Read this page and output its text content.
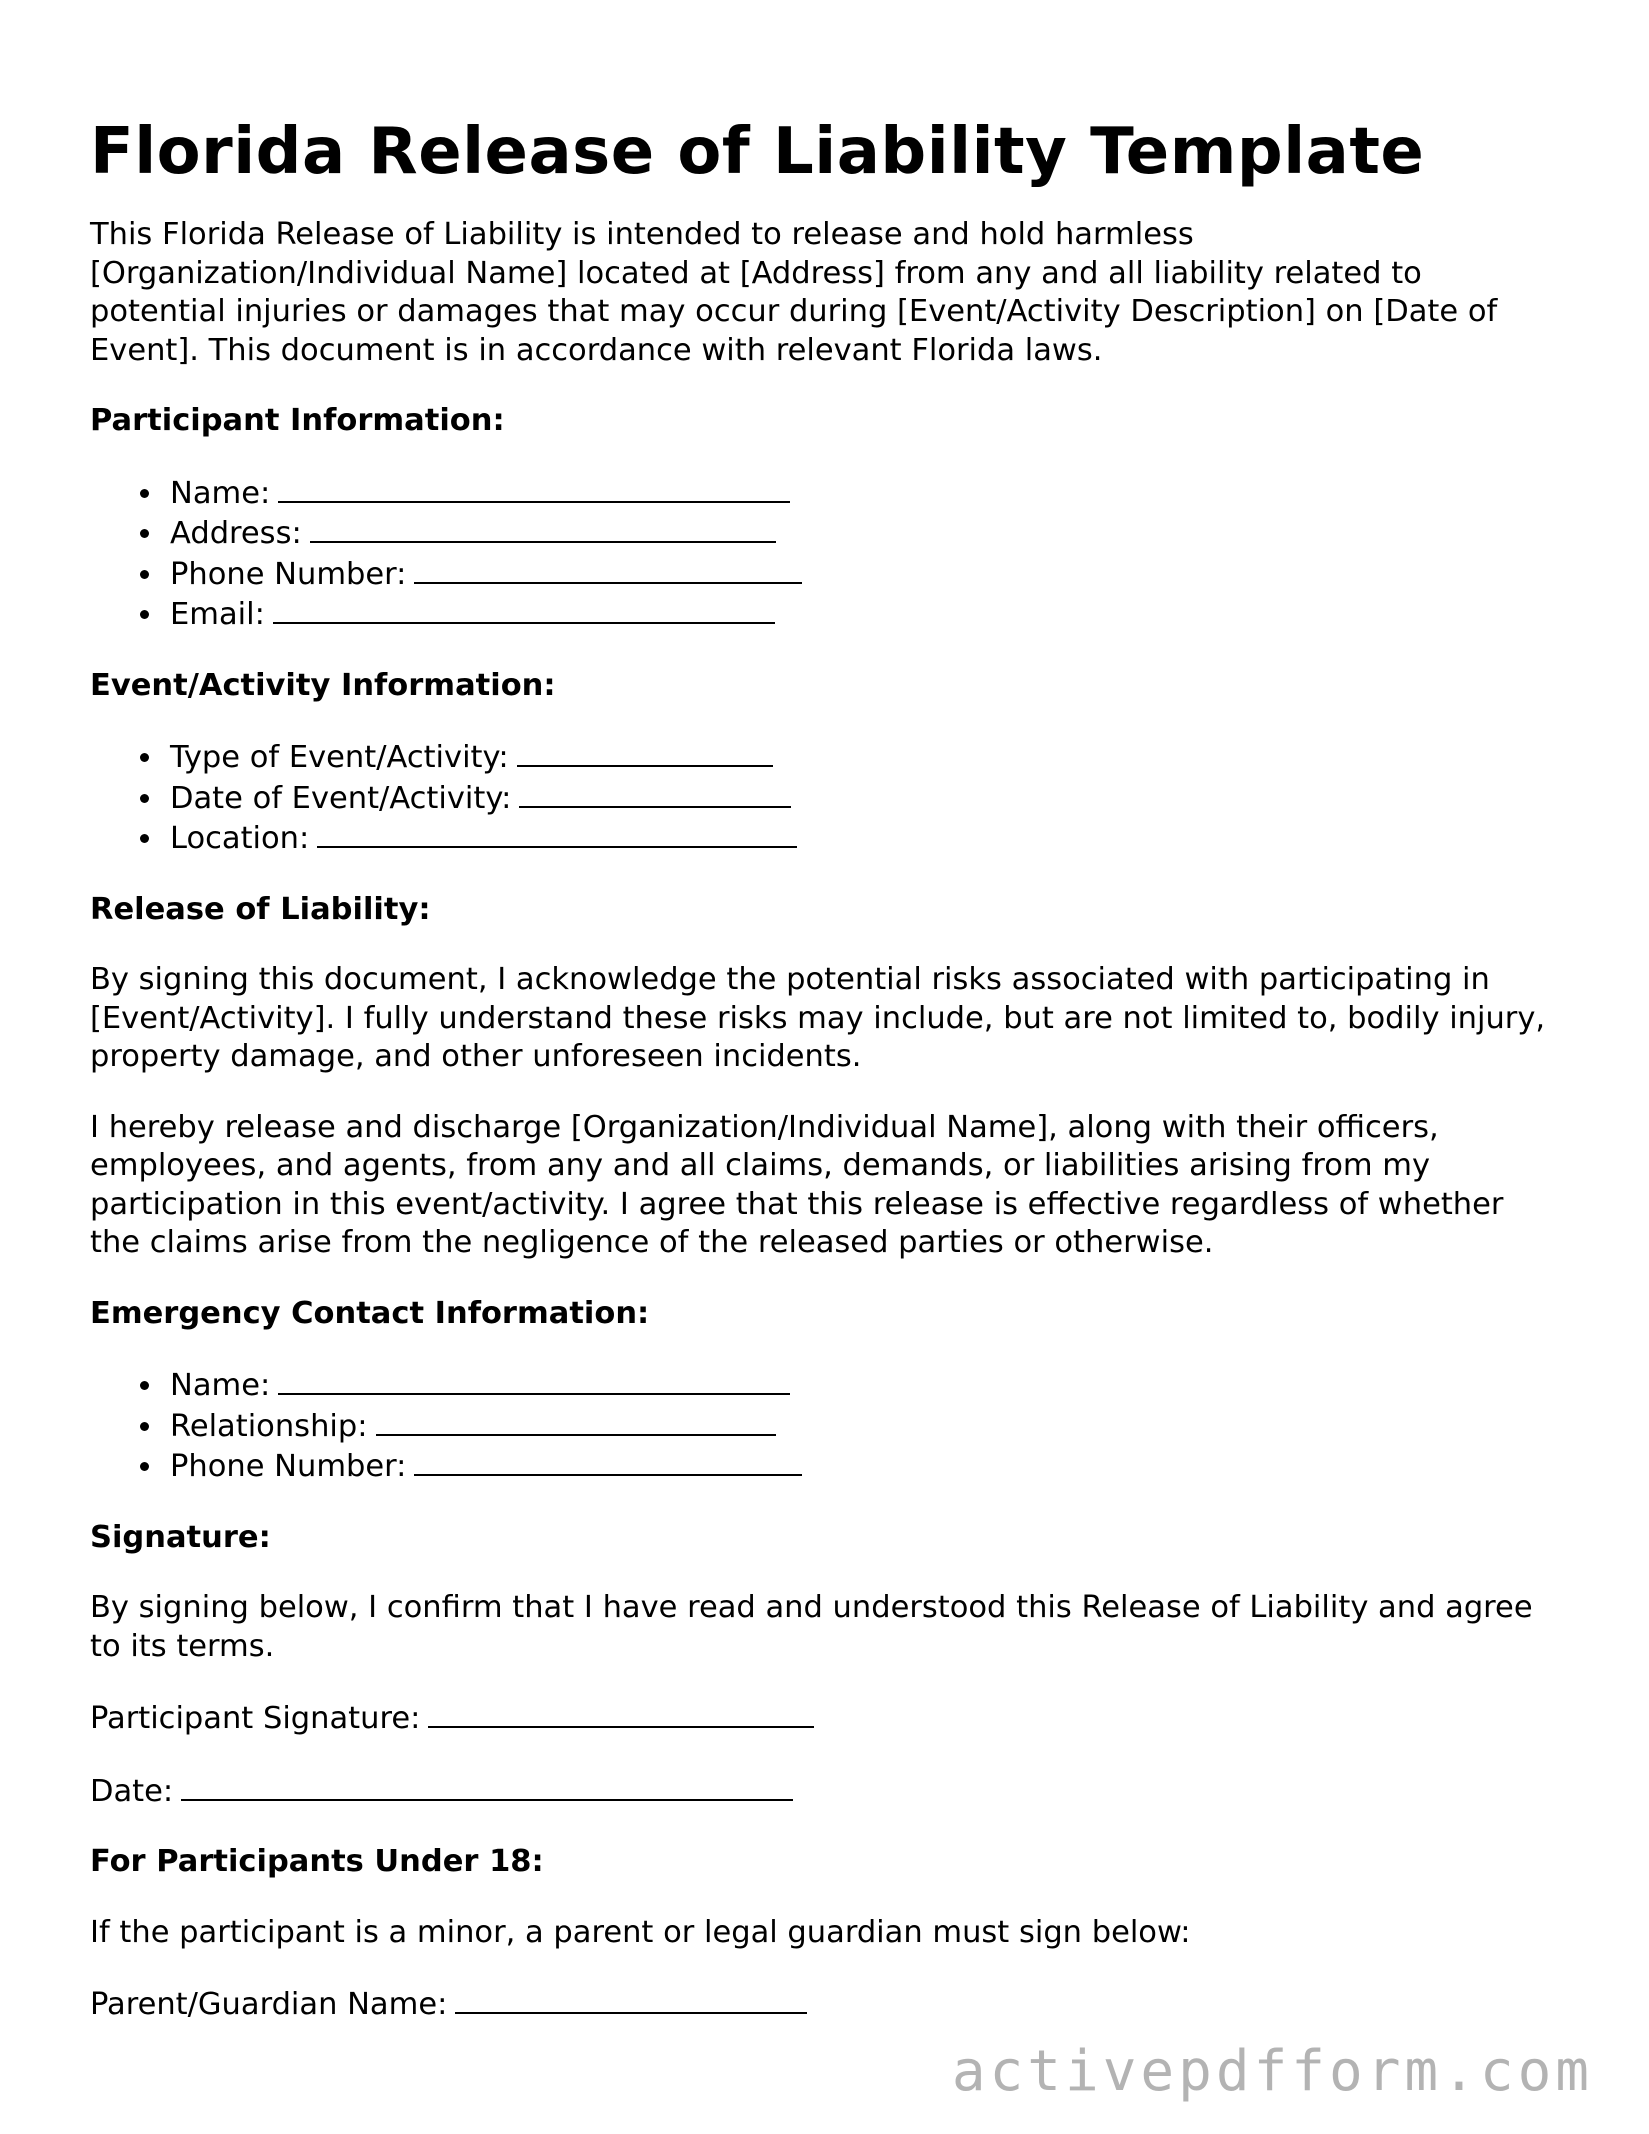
Florida Release of Liability Template

This Florida Release of Liability is intended to release and hold harmless [Organization/Individual Name] located at [Address] from any and all liability related to potential injuries or damages that may occur during [Event/Activity Description] on [Date of Event]. This document is in accordance with relevant Florida laws.

Participant Information:
Name:
Address:
Phone Number:
Email:
Event/Activity Information:
Type of Event/Activity:
Date of Event/Activity:
Location:
Release of Liability:

By signing this document, I acknowledge the potential risks associated with participating in [Event/Activity]. I fully understand these risks may include, but are not limited to, bodily injury, property damage, and other unforeseen incidents.

I hereby release and discharge [Organization/Individual Name], along with their officers, employees, and agents, from any and all claims, demands, or liabilities arising from my participation in this event/activity. I agree that this release is effective regardless of whether the claims arise from the negligence of the released parties or otherwise.

Emergency Contact Information:
Name:
Relationship:
Phone Number:
Signature:

By signing below, I confirm that I have read and understood this Release of Liability and agree to its terms.

Participant Signature:

Date:

For Participants Under 18:

If the participant is a minor, a parent or legal guardian must sign below:

Parent/Guardian Name:

activepdfform.com
